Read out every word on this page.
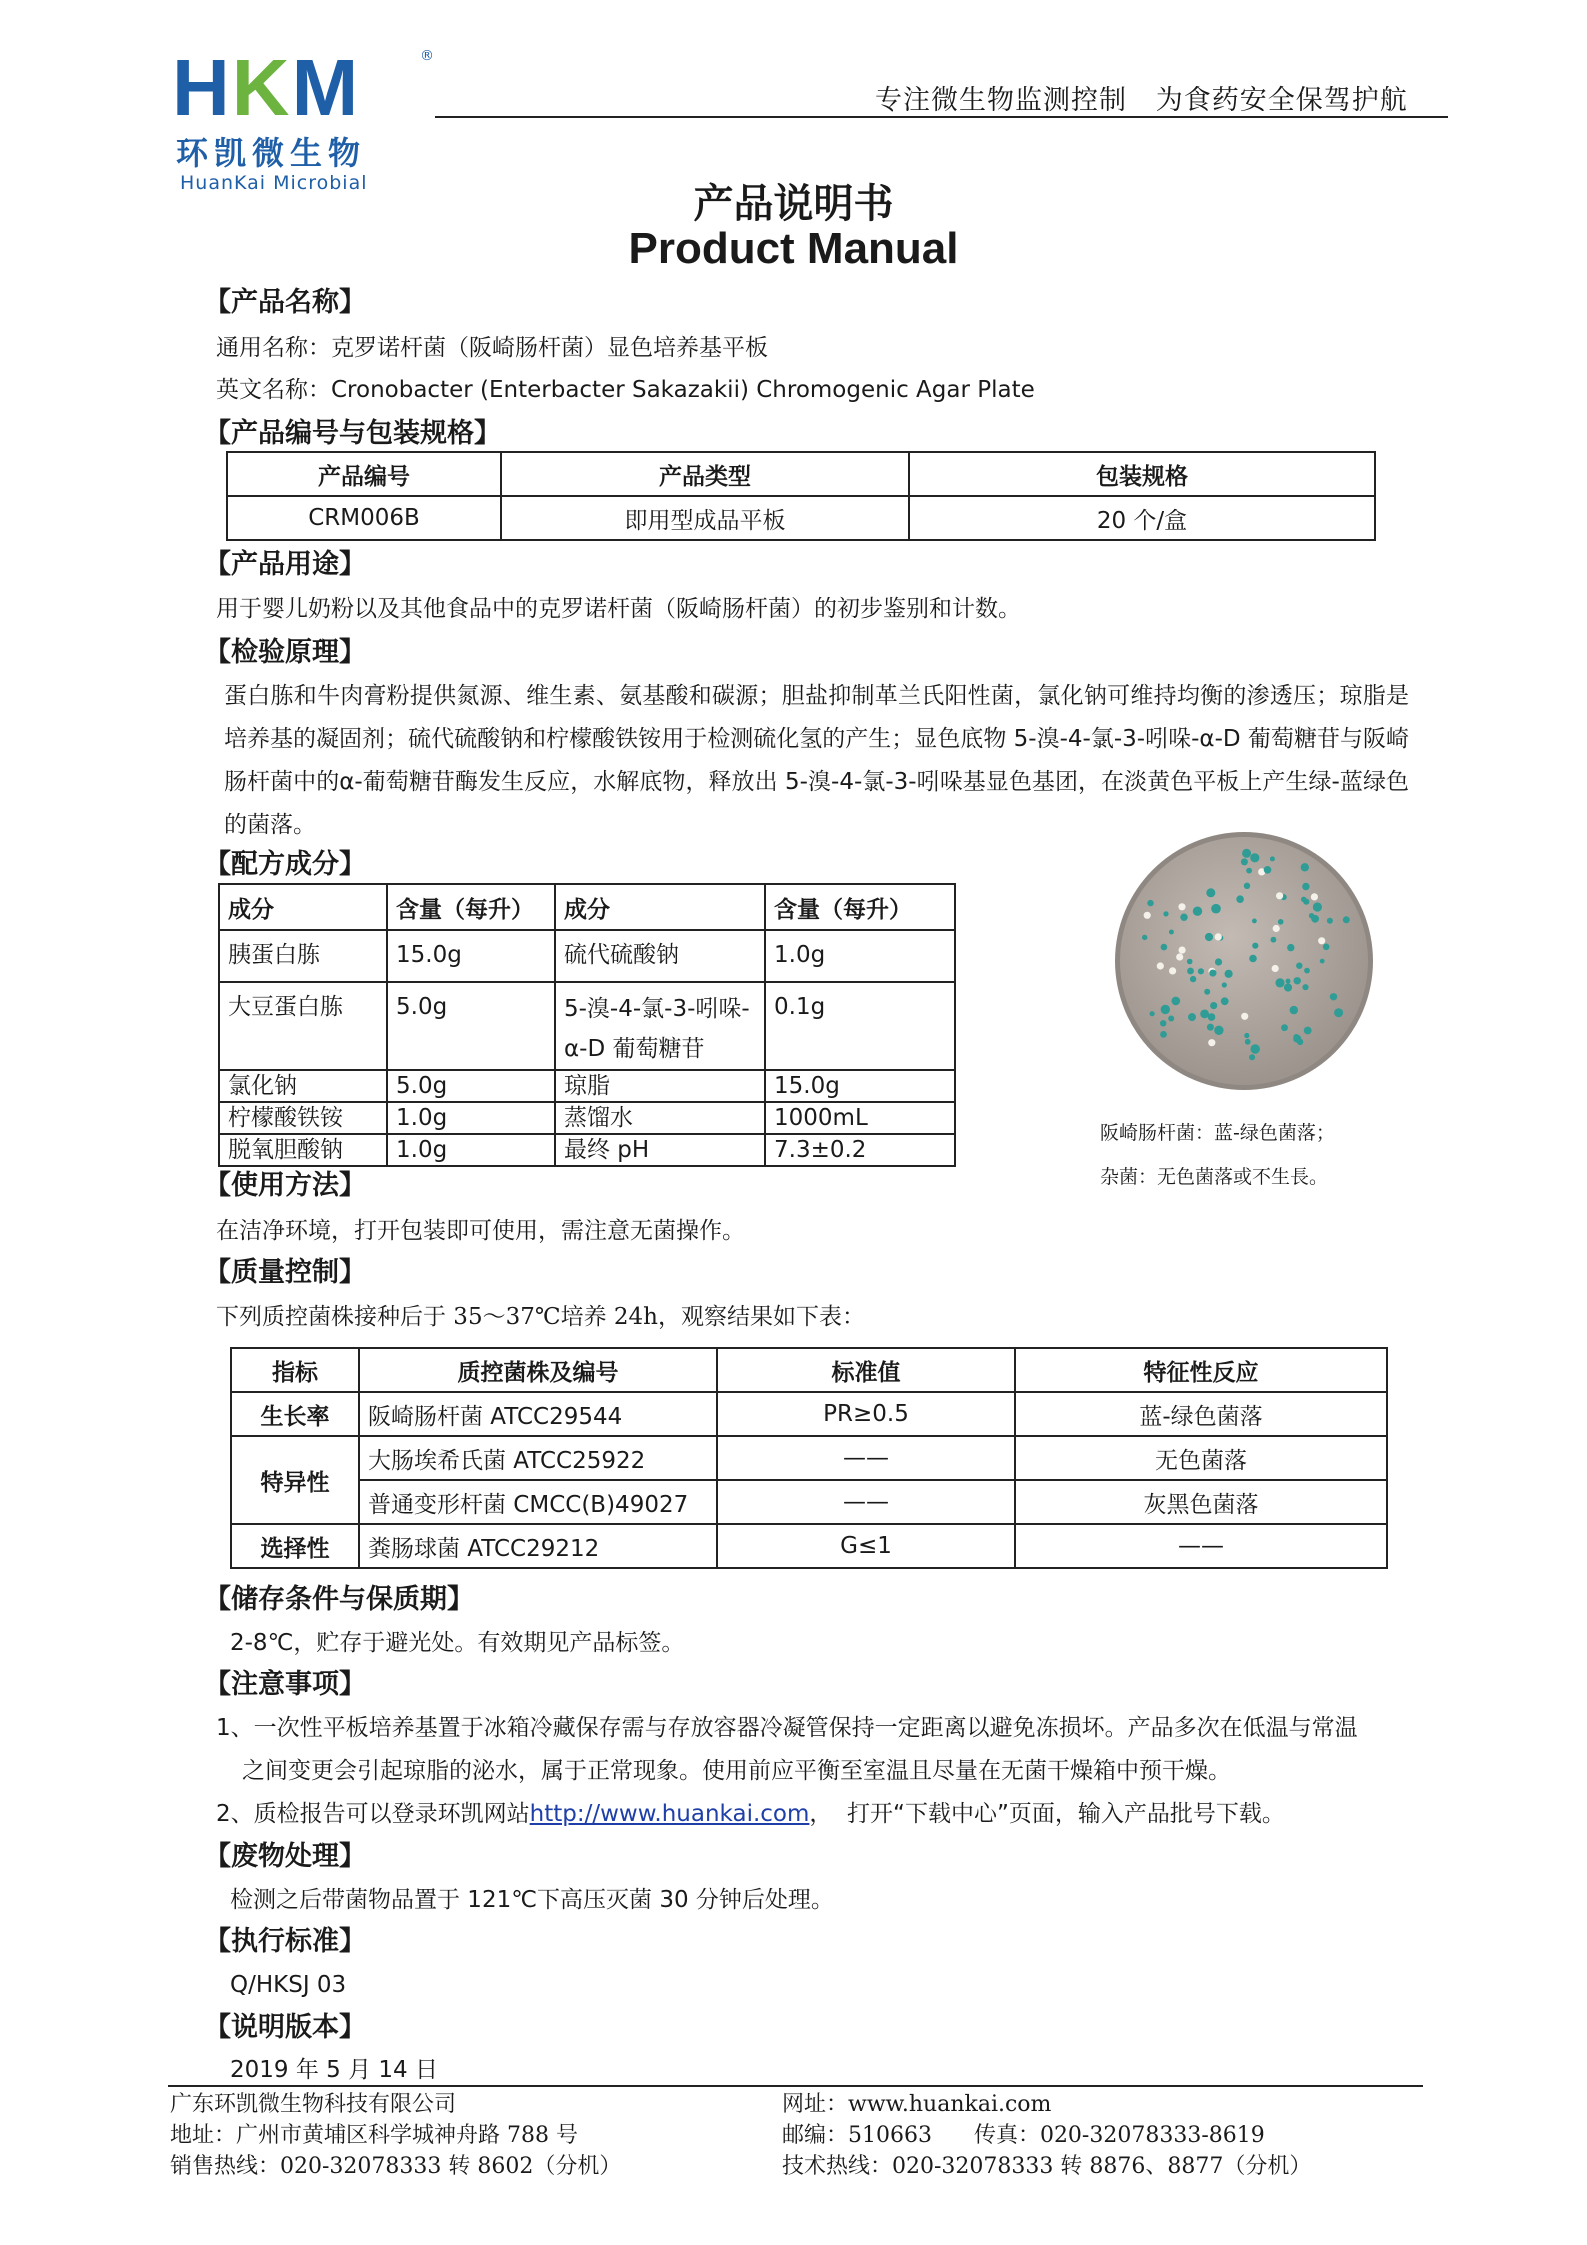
HKM
环凯微生物
HuanKai Microbial
®
专注微生物监测控制   为食药安全保驾护航
产品说明书
Product Manual
【产品名称】
通用名称：克罗诺杆菌（阪崎肠杆菌）显色培养基平板
英文名称：Cronobacter (Enterbacter Sakazakii) Chromogenic Agar Plate
【产品编号与包装规格】
产品编号	产品类型	包装规格
CRM006B	即用型成品平板	20 个/盒
【产品用途】
用于婴儿奶粉以及其他食品中的克罗诺杆菌（阪崎肠杆菌）的初步鉴别和计数。
【检验原理】
蛋白胨和牛肉膏粉提供氮源、维生素、氨基酸和碳源；胆盐抑制革兰氏阳性菌，氯化钠可维持均衡的渗透压；琼脂是培养基的凝固剂；硫代硫酸钠和柠檬酸铁铵用于检测硫化氢的产生；显色底物 5-溴-4-氯-3-吲哚-α-D 葡萄糖苷与阪崎肠杆菌中的α-葡萄糖苷酶发生反应，水解底物，释放出 5-溴-4-氯-3-吲哚基显色基团，在淡黄色平板上产生绿-蓝绿色的菌落。
【配方成分】
成分	含量（每升）	成分	含量（每升）
胰蛋白胨	15.0g	硫代硫酸钠	1.0g
大豆蛋白胨	5.0g	5-溴-4-氯-3-吲哚-α-D 葡萄糖苷	0.1g
氯化钠	5.0g	琼脂	15.0g
柠檬酸铁铵	1.0g	蒸馏水	1000mL
脱氧胆酸钠	1.0g	最终 pH	7.3±0.2
阪崎肠杆菌：蓝-绿色菌落；
杂菌：无色菌落或不生長。
【使用方法】
在洁净环境，打开包装即可使用，需注意无菌操作。
【质量控制】
下列质控菌株接种后于 35～37℃培养 24h，观察结果如下表：
指标	质控菌株及编号	标准值	特征性反应
生长率	阪崎肠杆菌 ATCC29544	PR≥0.5	蓝-绿色菌落
特异性	大肠埃希氏菌 ATCC25922	——	无色菌落
	普通变形杆菌 CMCC(B)49027	——	灰黑色菌落
选择性	粪肠球菌 ATCC29212	G≤1	——
【储存条件与保质期】
2-8℃，贮存于避光处。有效期见产品标签。
【注意事项】
1、一次性平板培养基置于冰箱冷藏保存需与存放容器冷凝管保持一定距离以避免冻损坏。产品多次在低温与常温
之间变更会引起琼脂的泌水，属于正常现象。使用前应平衡至室温且尽量在无菌干燥箱中预干燥。
2、质检报告可以登录环凯网站http://www.huankai.com，  打开“下载中心”页面，输入产品批号下载。
【废物处理】
检测之后带菌物品置于 121℃下高压灭菌 30 分钟后处理。
【执行标准】
Q/HKSJ 03
【说明版本】
2019 年 5 月 14 日
广东环凯微生物科技有限公司
地址：广州市黄埔区科学城神舟路 788 号
销售热线：020-32078333 转 8602（分机）
网址：www.huankai.com
邮编：510663      传真：020-32078333-8619
技术热线：020-32078333 转 8876、8877（分机）
